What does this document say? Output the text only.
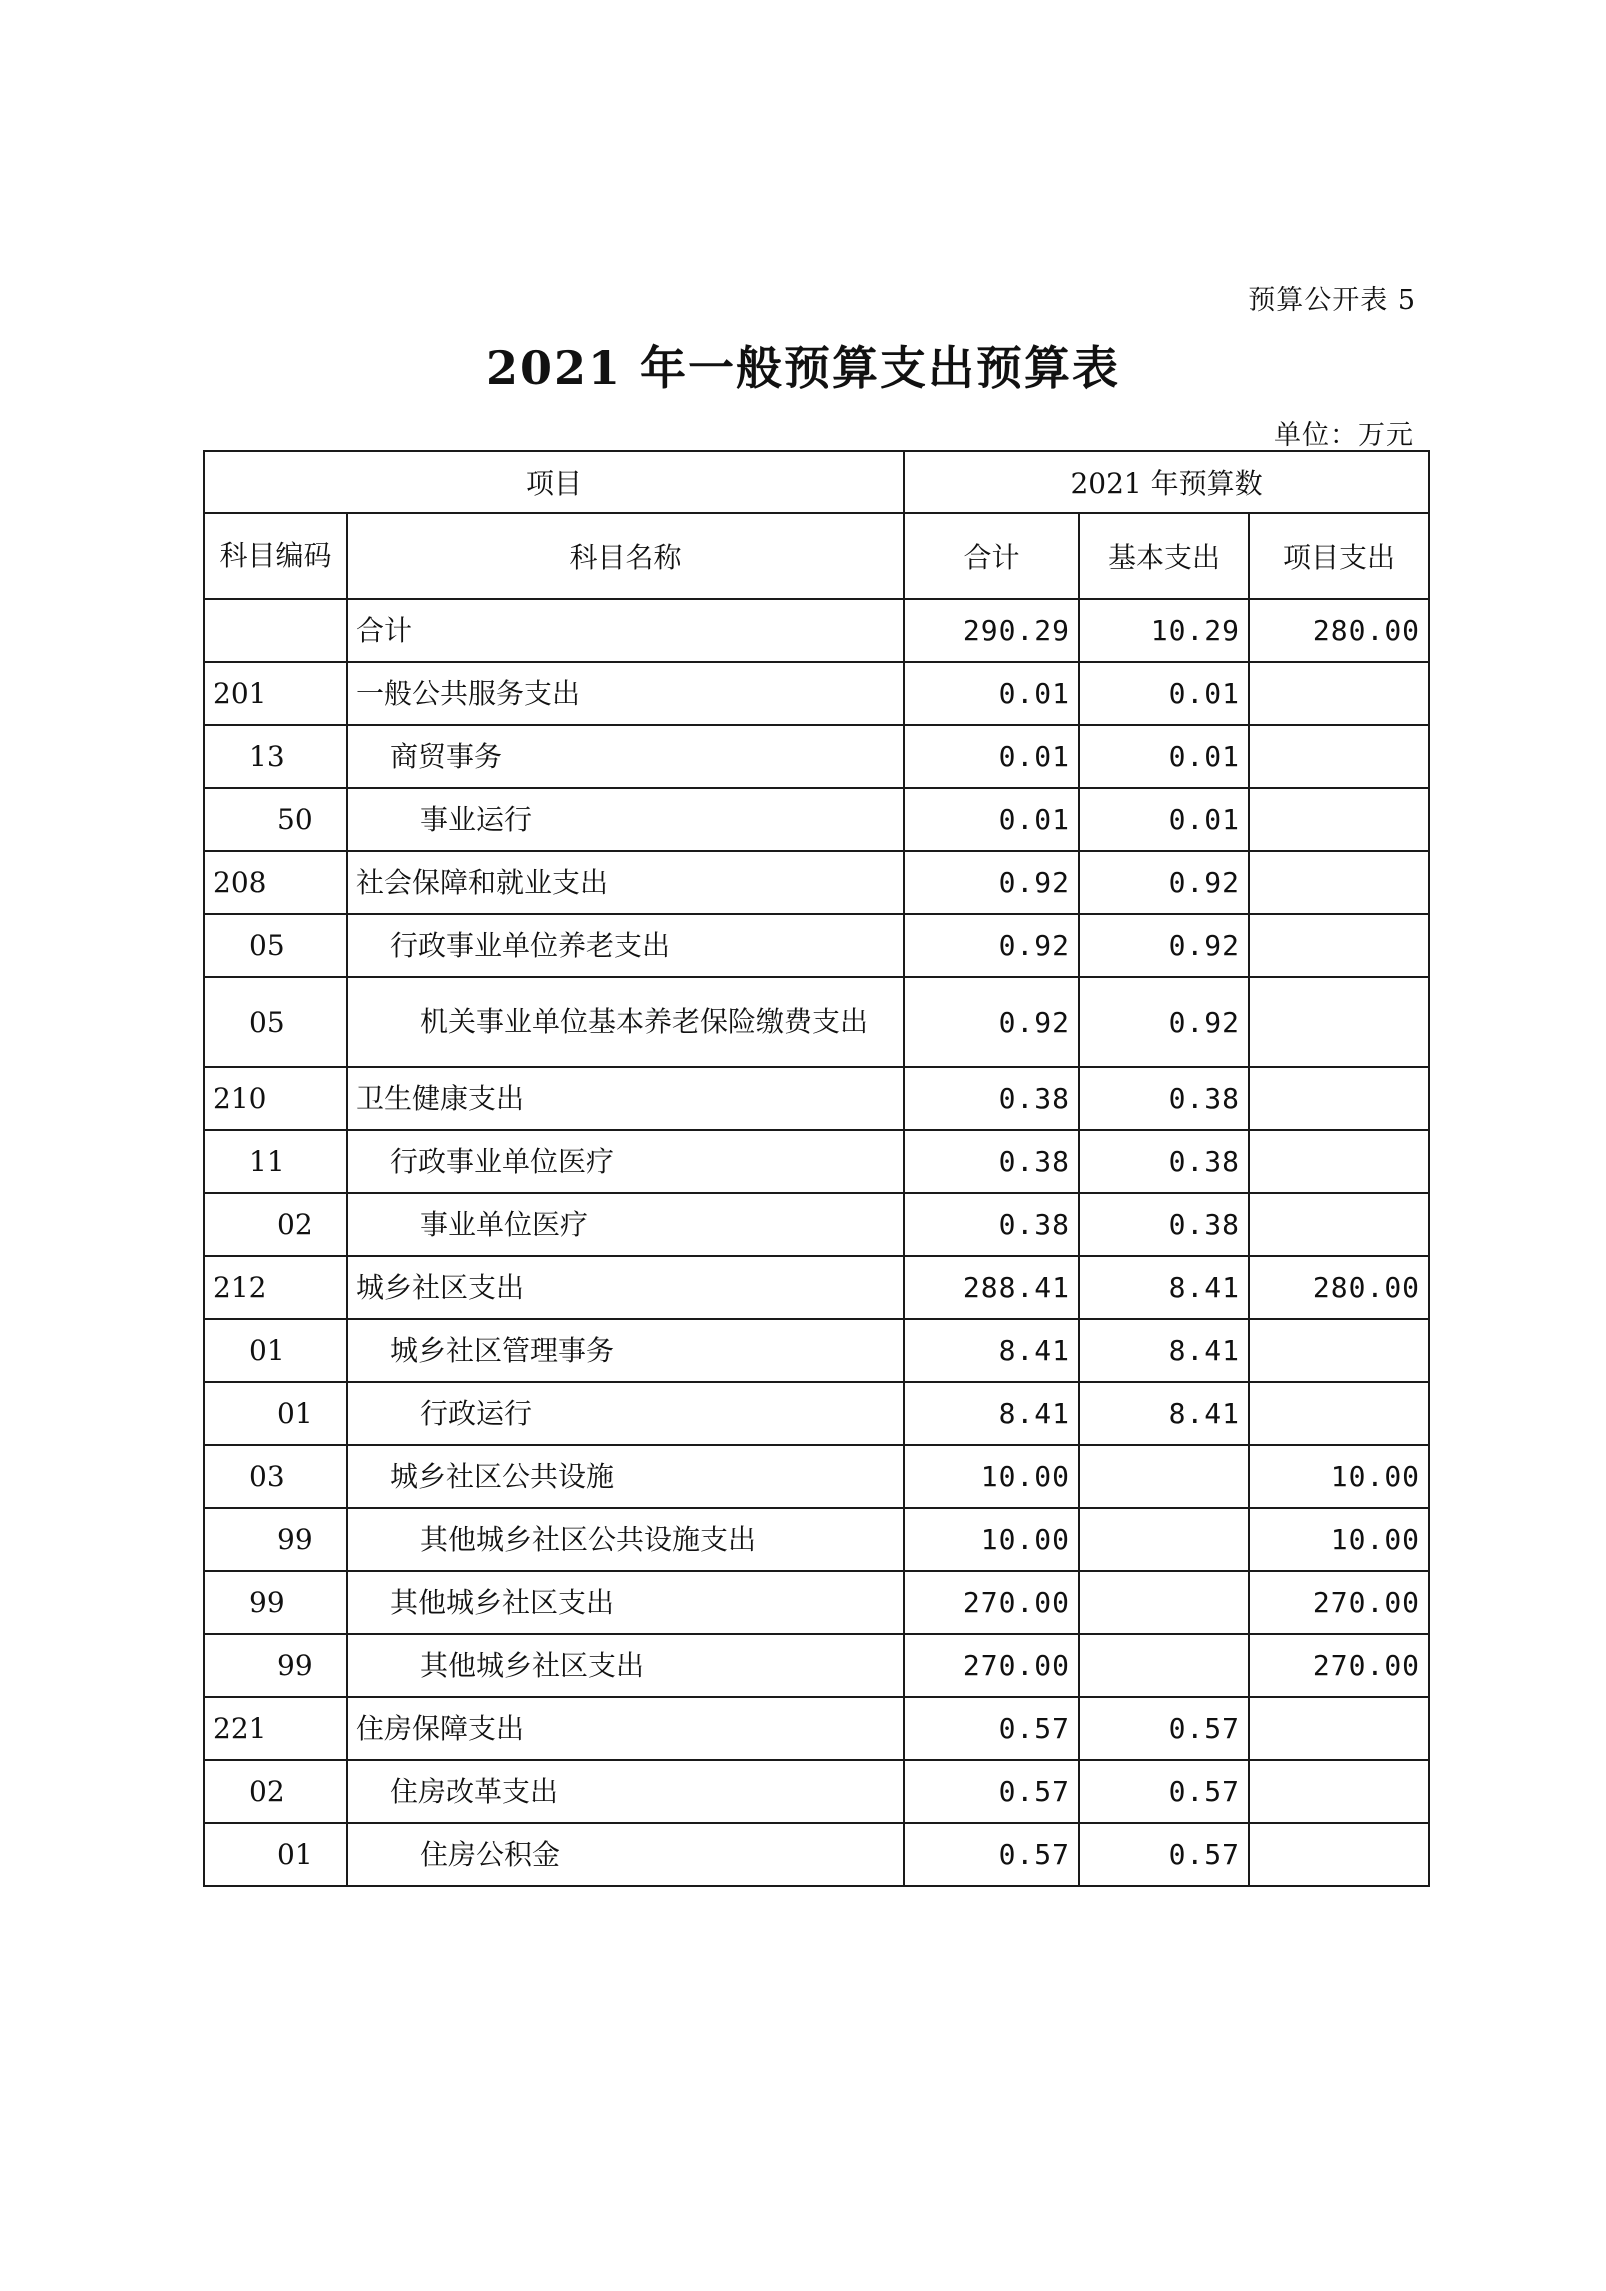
预算公开表 5
2021 年一般预算支出预算表
单位：万元
项目		2021 年预算数		
科目编码	科目名称	合计	基本支出	项目支出
	合计	290.29	10.29	280.00
201	一般公共服务支出	0.01	0.01	
13	商贸事务	0.01	0.01	
50	事业运行	0.01	0.01	
208	社会保障和就业支出	0.92	0.92	
05	行政事业单位养老支出	0.92	0.92	
05	机关事业单位基本养老保险缴费支出	0.92	0.92	
210	卫生健康支出	0.38	0.38	
11	行政事业单位医疗	0.38	0.38	
02	事业单位医疗	0.38	0.38	
212	城乡社区支出	288.41	8.41	280.00
01	城乡社区管理事务	8.41	8.41	
01	行政运行	8.41	8.41	
03	城乡社区公共设施	10.00		10.00
99	其他城乡社区公共设施支出	10.00		10.00
99	其他城乡社区支出	270.00		270.00
99	其他城乡社区支出	270.00		270.00
221	住房保障支出	0.57	0.57	
02	住房改革支出	0.57	0.57	
01	住房公积金	0.57	0.57	
